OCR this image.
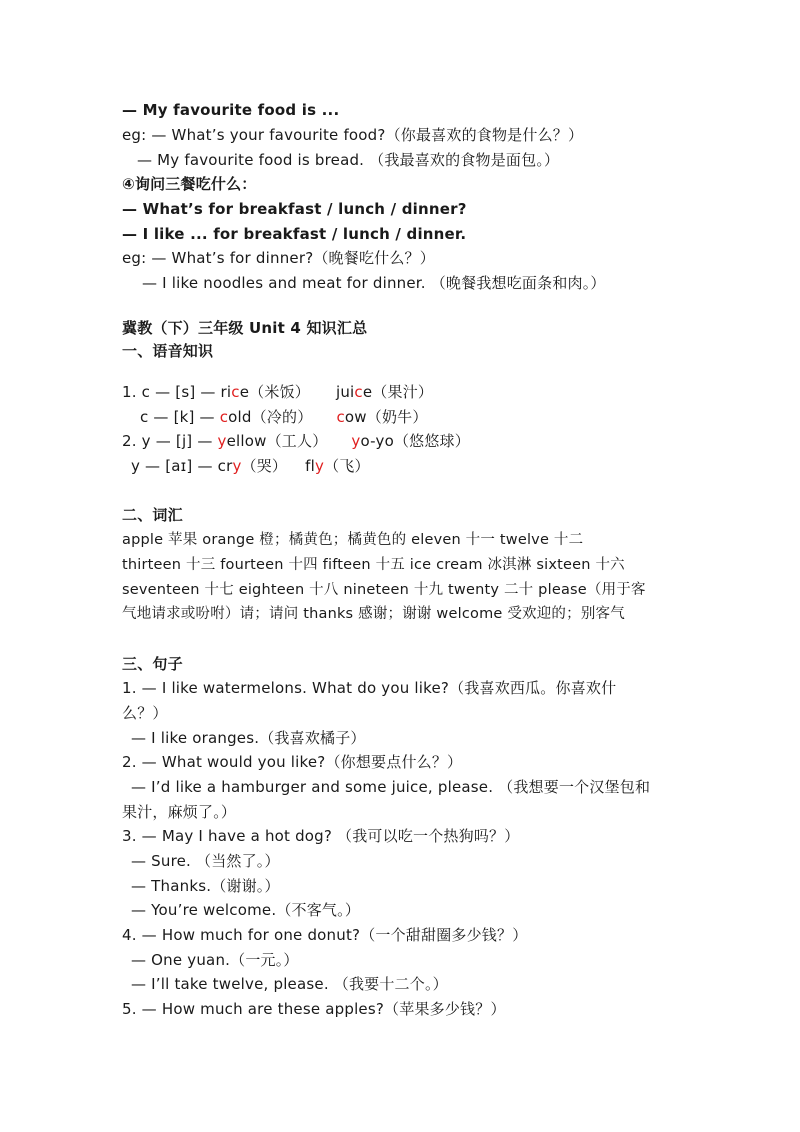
— My favourite food is ...
eg: — What’s your favourite food?（你最喜欢的食物是什么？）
— My favourite food is bread. （我最喜欢的食物是面包。）
④询问三餐吃什么：
— What’s for breakfast / lunch / dinner?
— I like ... for breakfast / lunch / dinner.
eg: — What’s for dinner?（晚餐吃什么？）
— I like noodles and meat for dinner. （晚餐我想吃面条和肉。）
冀教（下）三年级 Unit 4 知识汇总
一、语音知识
1. c — [s] — rice（米饭） juice（果汁）
c — [k] — cold（冷的） cow（奶牛）
2. y — [j] — yellow（工人） yo-yo（悠悠球）
y — [aɪ] — cry（哭） fly（飞）
二、词汇
apple 苹果 orange 橙；橘黄色；橘黄色的 eleven 十一 twelve 十二
thirteen 十三 fourteen 十四 fifteen 十五 ice cream 冰淇淋 sixteen 十六
seventeen 十七 eighteen 十八 nineteen 十九 twenty 二十 please（用于客
气地请求或吩咐）请；请问 thanks 感谢；谢谢 welcome 受欢迎的；别客气
三、句子
1. — I like watermelons. What do you like?（我喜欢西瓜。你喜欢什
么？）
— I like oranges.（我喜欢橘子）
2. — What would you like?（你想要点什么？）
— I’d like a hamburger and some juice, please. （我想要一个汉堡包和
果汁，麻烦了。）
3. — May I have a hot dog? （我可以吃一个热狗吗？）
— Sure. （当然了。）
— Thanks.（谢谢。）
— You’re welcome.（不客气。）
4. — How much for one donut?（一个甜甜圈多少钱？）
— One yuan.（一元。）
— I’ll take twelve, please. （我要十二个。）
5. — How much are these apples?（苹果多少钱？）
